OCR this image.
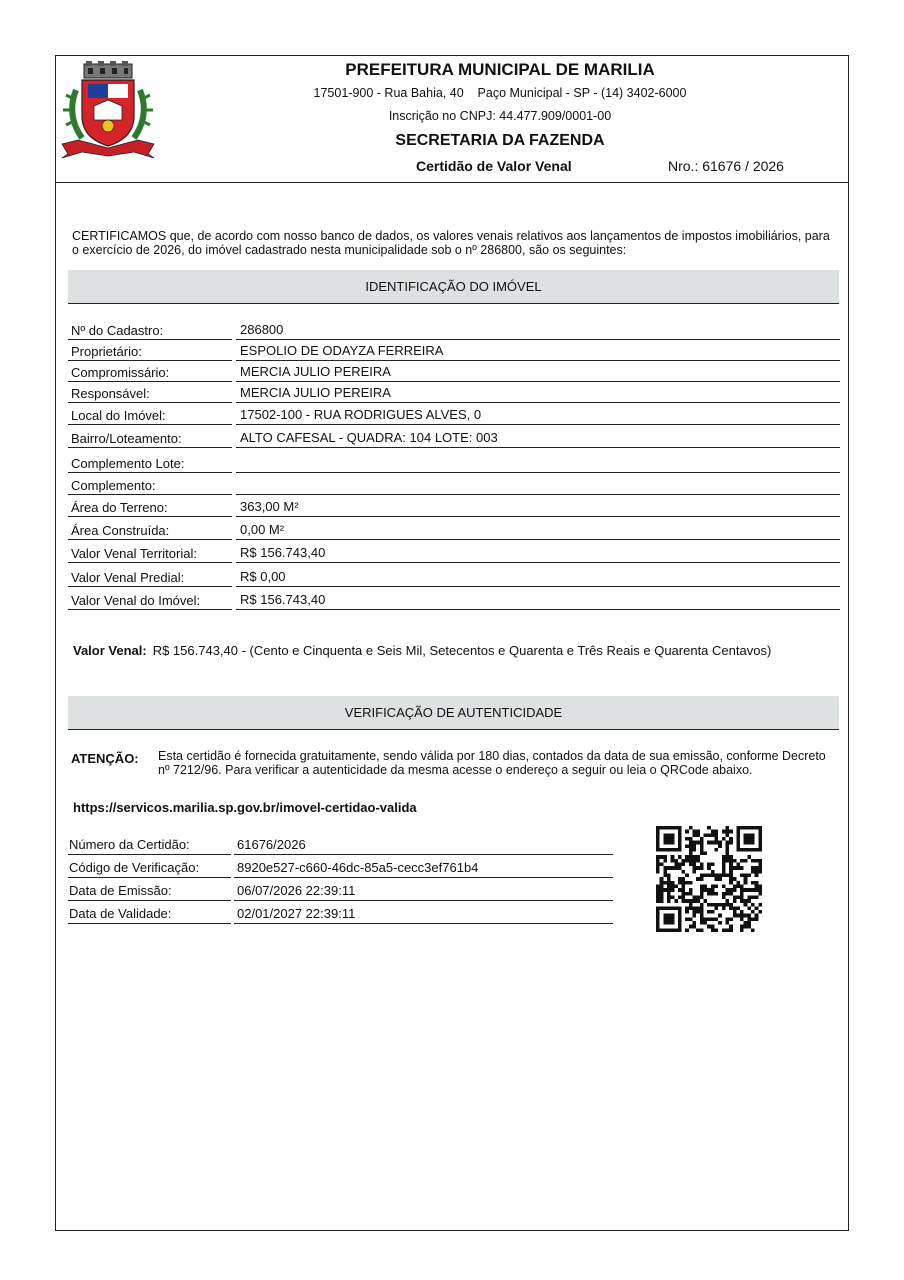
PREFEITURA MUNICIPAL DE MARILIA
17501-900 - Rua Bahia, 40    Paço Municipal - SP - (14) 3402-6000
Inscrição no CNPJ: 44.477.909/0001-00
SECRETARIA DA FAZENDA
Certidão de Valor Venal	Nro.: 61676 / 2026
CERTIFICAMOS que, de acordo com nosso banco de dados, os valores venais relativos aos lançamentos de impostos imobiliários, para o exercício de 2026, do imóvel cadastrado nesta municipalidade sob o nº 286800, são os seguintes:
IDENTIFICAÇÃO DO IMÓVEL
Nº do Cadastro:	286800
Proprietário:	ESPOLIO DE ODAYZA FERREIRA
Compromissário:	MERCIA JULIO PEREIRA
Responsável:	MERCIA JULIO PEREIRA
Local do Imóvel:	17502-100 - RUA RODRIGUES ALVES, 0
Bairro/Loteamento:	ALTO CAFESAL - QUADRA: 104 LOTE: 003
Complemento Lote:
Complemento:
Área do Terreno:	363,00 M²
Área Construída:	0,00 M²
Valor Venal Territorial:	R$ 156.743,40
Valor Venal Predial:	R$ 0,00
Valor Venal do Imóvel:	R$ 156.743,40
Valor Venal: R$ 156.743,40 - (Cento e Cinquenta e Seis Mil, Setecentos e Quarenta e Três Reais e Quarenta Centavos)
VERIFICAÇÃO DE AUTENTICIDADE
ATENÇÃO: Esta certidão é fornecida gratuitamente, sendo válida por 180 dias, contados da data de sua emissão, conforme Decreto nº 7212/96. Para verificar a autenticidade da mesma acesse o endereço a seguir ou leia o QRCode abaixo.
https://servicos.marilia.sp.gov.br/imovel-certidao-valida
Número da Certidão:	61676/2026
Código de Verificação:	8920e527-c660-46dc-85a5-cecc3ef761b4
Data de Emissão:	06/07/2026 22:39:11
Data de Validade:	02/01/2027 22:39:11
